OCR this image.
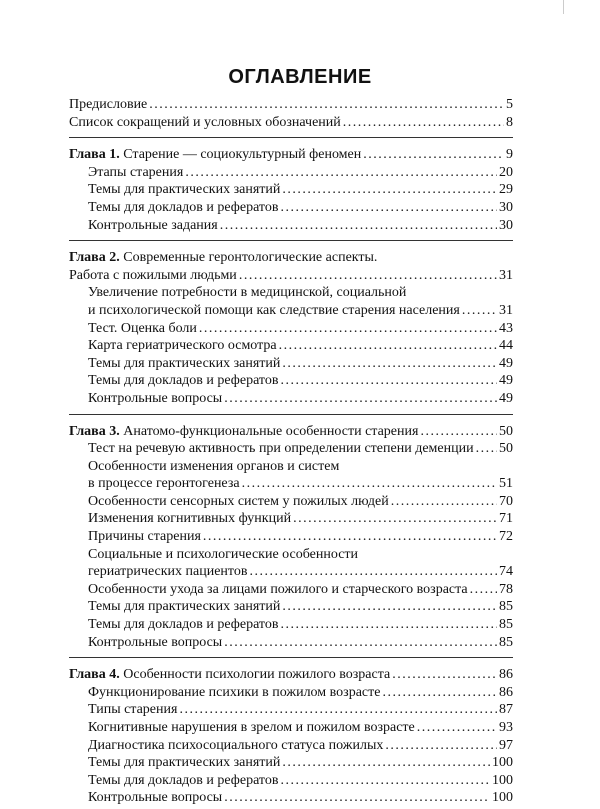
ОГЛАВЛЕНИЕ
Предисловие . . .	5
Список сокращений и условных обозначений . . .	8
Глава 1. Старение — социокультурный феномен . . .	9
Этапы старения . . .	20
Темы для практических занятий . . .	29
Темы для докладов и рефератов . . .	30
Контрольные задания . . .	30
Глава 2. Современные геронтологические аспекты.
Работа с пожилыми людьми . . .	31
Увеличение потребности в медицинской, социальной
и психологической помощи как следствие старения населения . . .	31
Тест. Оценка боли . . .	43
Карта гериатрического осмотра . . .	44
Темы для практических занятий . . .	49
Темы для докладов и рефератов . . .	49
Контрольные вопросы . . .	49
Глава 3. Анатомо-функциональные особенности старения . . .	50
Тест на речевую активность при определении степени деменции . . . 50
Особенности изменения органов и систем
в процессе геронтогенеза . . .	51
Особенности сенсорных систем у пожилых людей . . .	70
Изменения когнитивных функций . . .	71
Причины старения . . .	72
Социальные и психологические особенности
гериатрических пациентов . . .	74
Особенности ухода за лицами пожилого и старческого возраста . . . 78
Темы для практических занятий . . .	85
Темы для докладов и рефератов . . .	85
Контрольные вопросы . . .	85
Глава 4. Особенности психологии пожилого возраста . . .	86
Функционирование психики в пожилом возрасте . . .	86
Типы старения . . .	87
Когнитивные нарушения в зрелом и пожилом возрасте . . .	93
Диагностика психосоциального статуса пожилых . . .	97
Темы для практических занятий . . .	100
Темы для докладов и рефератов . . .	100
Контрольные вопросы . . .	100
